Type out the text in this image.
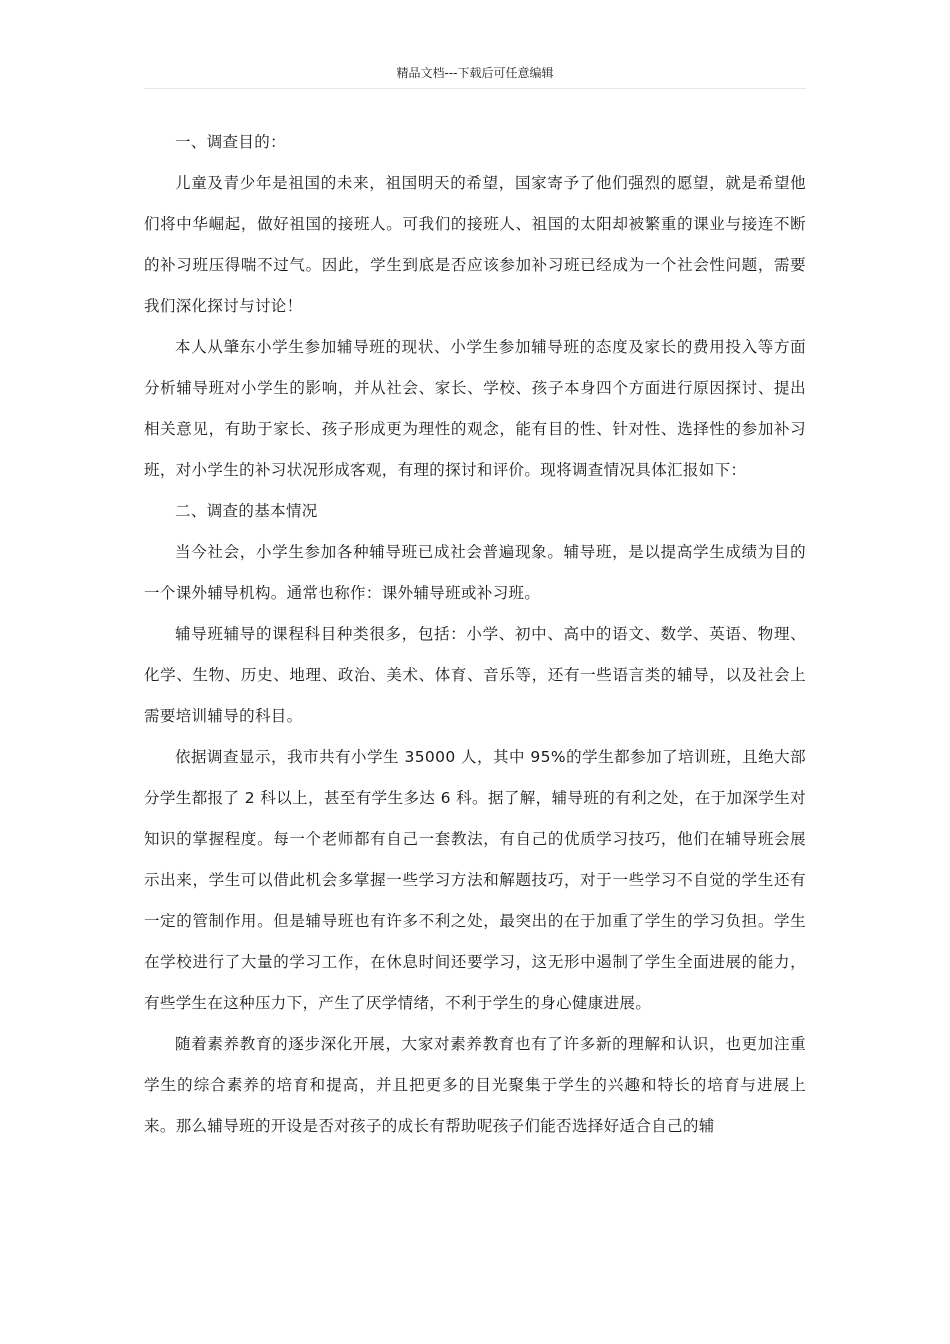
精品文档---下载后可任意编辑

一、调查目的：

儿童及青少年是祖国的未来，祖国明天的希望，国家寄予了他们强烈的愿望，就是希望他们将中华崛起，做好祖国的接班人。可我们的接班人、祖国的太阳却被繁重的课业与接连不断的补习班压得喘不过气。因此，学生到底是否应该参加补习班已经成为一个社会性问题，需要我们深化探讨与讨论！

本人从肇东小学生参加辅导班的现状、小学生参加辅导班的态度及家长的费用投入等方面分析辅导班对小学生的影响，并从社会、家长、学校、孩子本身四个方面进行原因探讨、提出相关意见，有助于家长、孩子形成更为理性的观念，能有目的性、针对性、选择性的参加补习班，对小学生的补习状况形成客观，有理的探讨和评价。现将调查情况具体汇报如下：

二、调查的基本情况

当今社会，小学生参加各种辅导班已成社会普遍现象。辅导班，是以提高学生成绩为目的一个课外辅导机构。通常也称作：课外辅导班或补习班。

辅导班辅导的课程科目种类很多，包括：小学、初中、高中的语文、数学、英语、物理、化学、生物、历史、地理、政治、美术、体育、音乐等，还有一些语言类的辅导，以及社会上需要培训辅导的科目。

依据调查显示，我市共有小学生 35000 人，其中 95%的学生都参加了培训班，且绝大部分学生都报了 2 科以上，甚至有学生多达 6 科。据了解，辅导班的有利之处，在于加深学生对知识的掌握程度。每一个老师都有自己一套教法，有自己的优质学习技巧，他们在辅导班会展示出来，学生可以借此机会多掌握一些学习方法和解题技巧，对于一些学习不自觉的学生还有一定的管制作用。但是辅导班也有许多不利之处，最突出的在于加重了学生的学习负担。学生在学校进行了大量的学习工作，在休息时间还要学习，这无形中遏制了学生全面进展的能力，有些学生在这种压力下，产生了厌学情绪，不利于学生的身心健康进展。

随着素养教育的逐步深化开展，大家对素养教育也有了许多新的理解和认识，也更加注重学生的综合素养的培育和提高，并且把更多的目光聚集于学生的兴趣和特长的培育与进展上来。那么辅导班的开设是否对孩子的成长有帮助呢孩子们能否选择好适合自己的辅
